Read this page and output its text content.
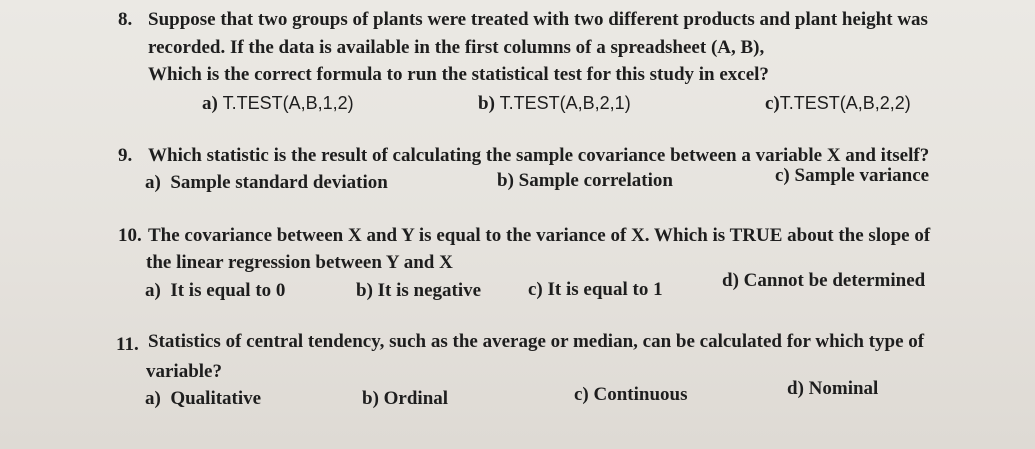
8. Suppose that two groups of plants were treated with two different products and plant height was
recorded. If the data is available in the first columns of a spreadsheet (A, B),
Which is the correct formula to run the statistical test for this study in excel?
a) T.TEST(A,B,1,2)	b) T.TEST(A,B,2,1)	c)T.TEST(A,B,2,2)
9. Which statistic is the result of calculating the sample covariance between a variable X and itself?
a) Sample standard deviation	b) Sample correlation	c) Sample variance
10. The covariance between X and Y is equal to the variance of X. Which is TRUE about the slope of
the linear regression between Y and X
a) It is equal to 0	b) It is negative c) It is equal to 1	d) Cannot be determined
11. Statistics of central tendency, such as the average or median, can be calculated for which type of
variable?
a) Qualitative	b) Ordinal	c) Continuous	d) Nominal
